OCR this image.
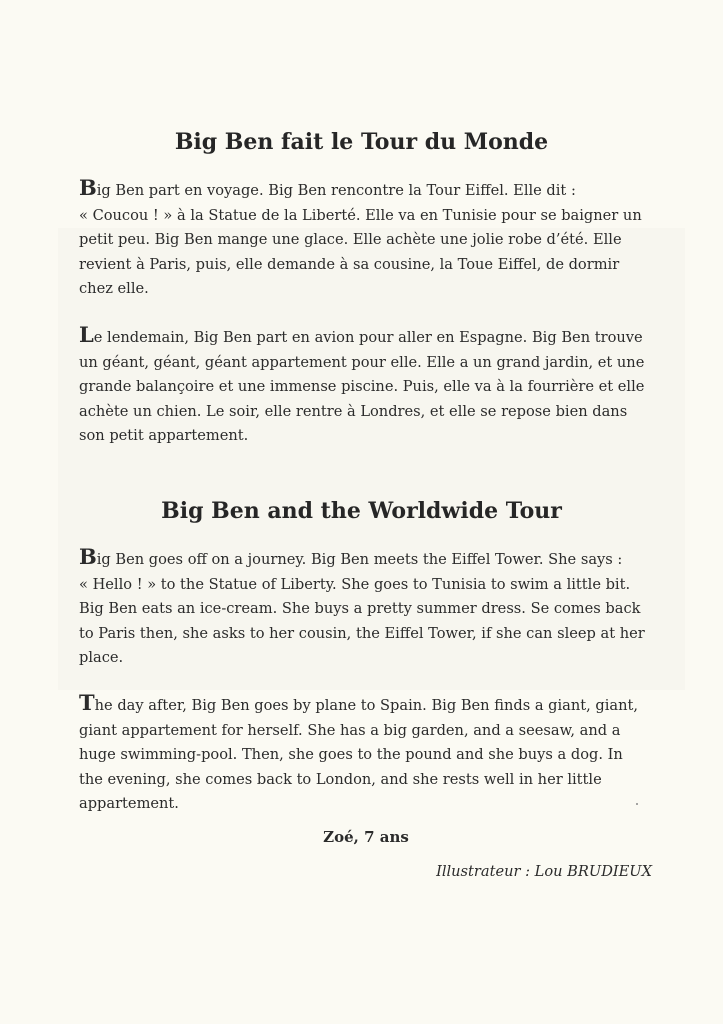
Big Ben fait le Tour du Monde

Big Ben part en voyage. Big Ben rencontre la Tour Eiffel. Elle dit :
« Coucou ! » à la Statue de la Liberté. Elle va en Tunisie pour se baigner un
petit peu. Big Ben mange une glace. Elle achète une jolie robe d’été. Elle
revient à Paris, puis, elle demande à sa cousine, la Toue Eiffel, de dormir
chez elle.

Le lendemain, Big Ben part en avion pour aller en Espagne. Big Ben trouve
un géant, géant, géant appartement pour elle. Elle a un grand jardin, et une
grande balançoire et une immense piscine. Puis, elle va à la fourrière et elle
achète un chien. Le soir, elle rentre à Londres, et elle se repose bien dans
son petit appartement.

Big Ben and the Worldwide Tour

Big Ben goes off on a journey. Big Ben meets the Eiffel Tower. She says :
« Hello ! » to the Statue of Liberty. She goes to Tunisia to swim a little bit.
Big Ben eats an ice-cream. She buys a pretty summer dress. Se comes back
to Paris then, she asks to her cousin, the Eiffel Tower, if she can sleep at her
place.

The day after, Big Ben goes by plane to Spain. Big Ben finds a giant, giant,
giant appartement for herself. She has a big garden, and a seesaw, and a
huge swimming-pool. Then, she goes to the pound and she buys a dog. In
the evening, she comes back to London, and she rests well in her little
appartement.

Zoé, 7 ans
Illustrateur : Lou BRUDIEUX
